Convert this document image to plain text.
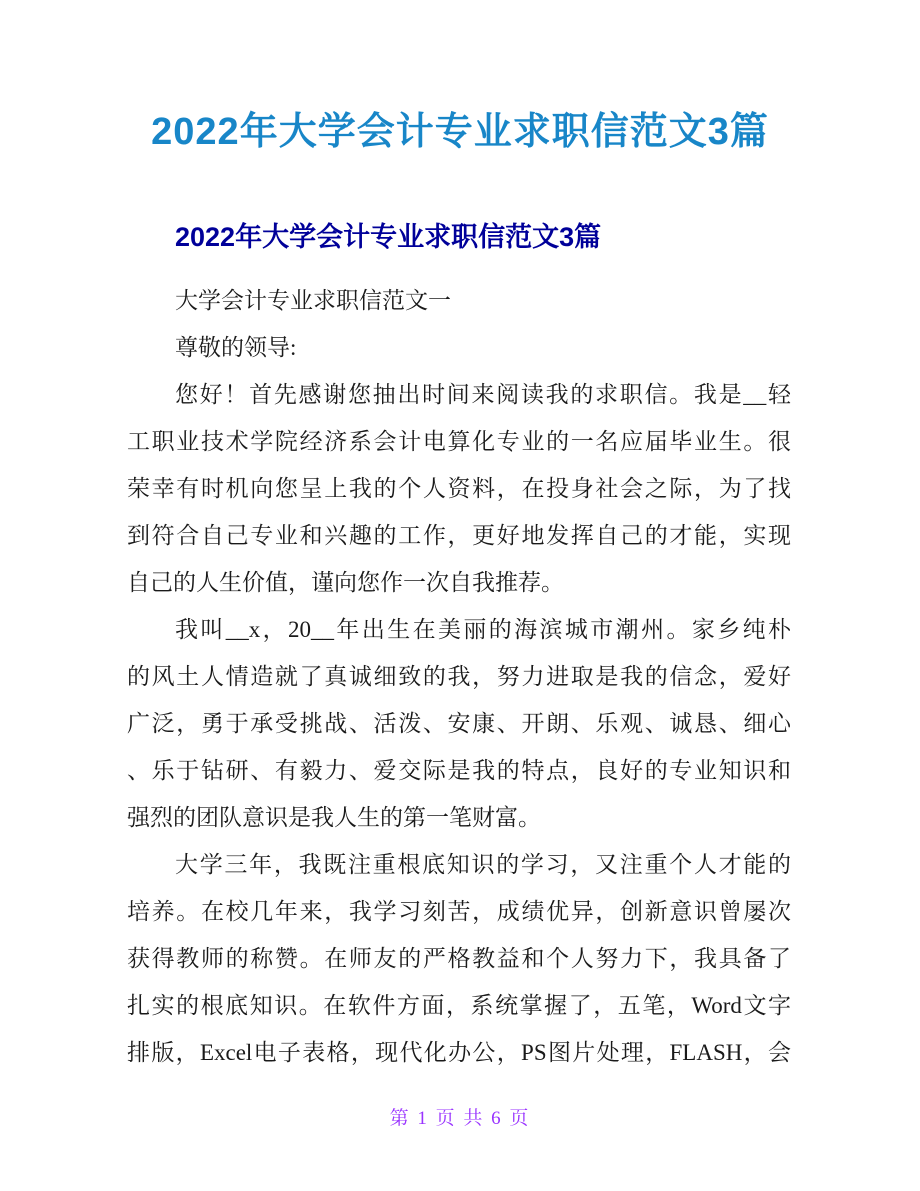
2022年大学会计专业求职信范文3篇
2022年大学会计专业求职信范文3篇
大学会计专业求职信范文一
尊敬的领导:
您好！首先感谢您抽出时间来阅读我的求职信。我是__轻
工职业技术学院经济系会计电算化专业的一名应届毕业生。很
荣幸有时机向您呈上我的个人资料，在投身社会之际，为了找
到符合自己专业和兴趣的工作，更好地发挥自己的才能，实现
自己的人生价值，谨向您作一次自我推荐。
我叫__x，20__年出生在美丽的海滨城市潮州。家乡纯朴
的风土人情造就了真诚细致的我，努力进取是我的信念，爱好
广泛，勇于承受挑战、活泼、安康、开朗、乐观、诚恳、细心
、乐于钻研、有毅力、爱交际是我的特点，良好的专业知识和
强烈的团队意识是我人生的第一笔财富。
大学三年，我既注重根底知识的学习，又注重个人才能的
培养。在校几年来，我学习刻苦，成绩优异，创新意识曾屡次
获得教师的称赞。在师友的严格教益和个人努力下，我具备了
扎实的根底知识。在软件方面，系统掌握了，五笔，Word文字
排版，Excel电子表格，现代化办公，PS图片处理，FLASH，会
第 1 页 共 6 页
